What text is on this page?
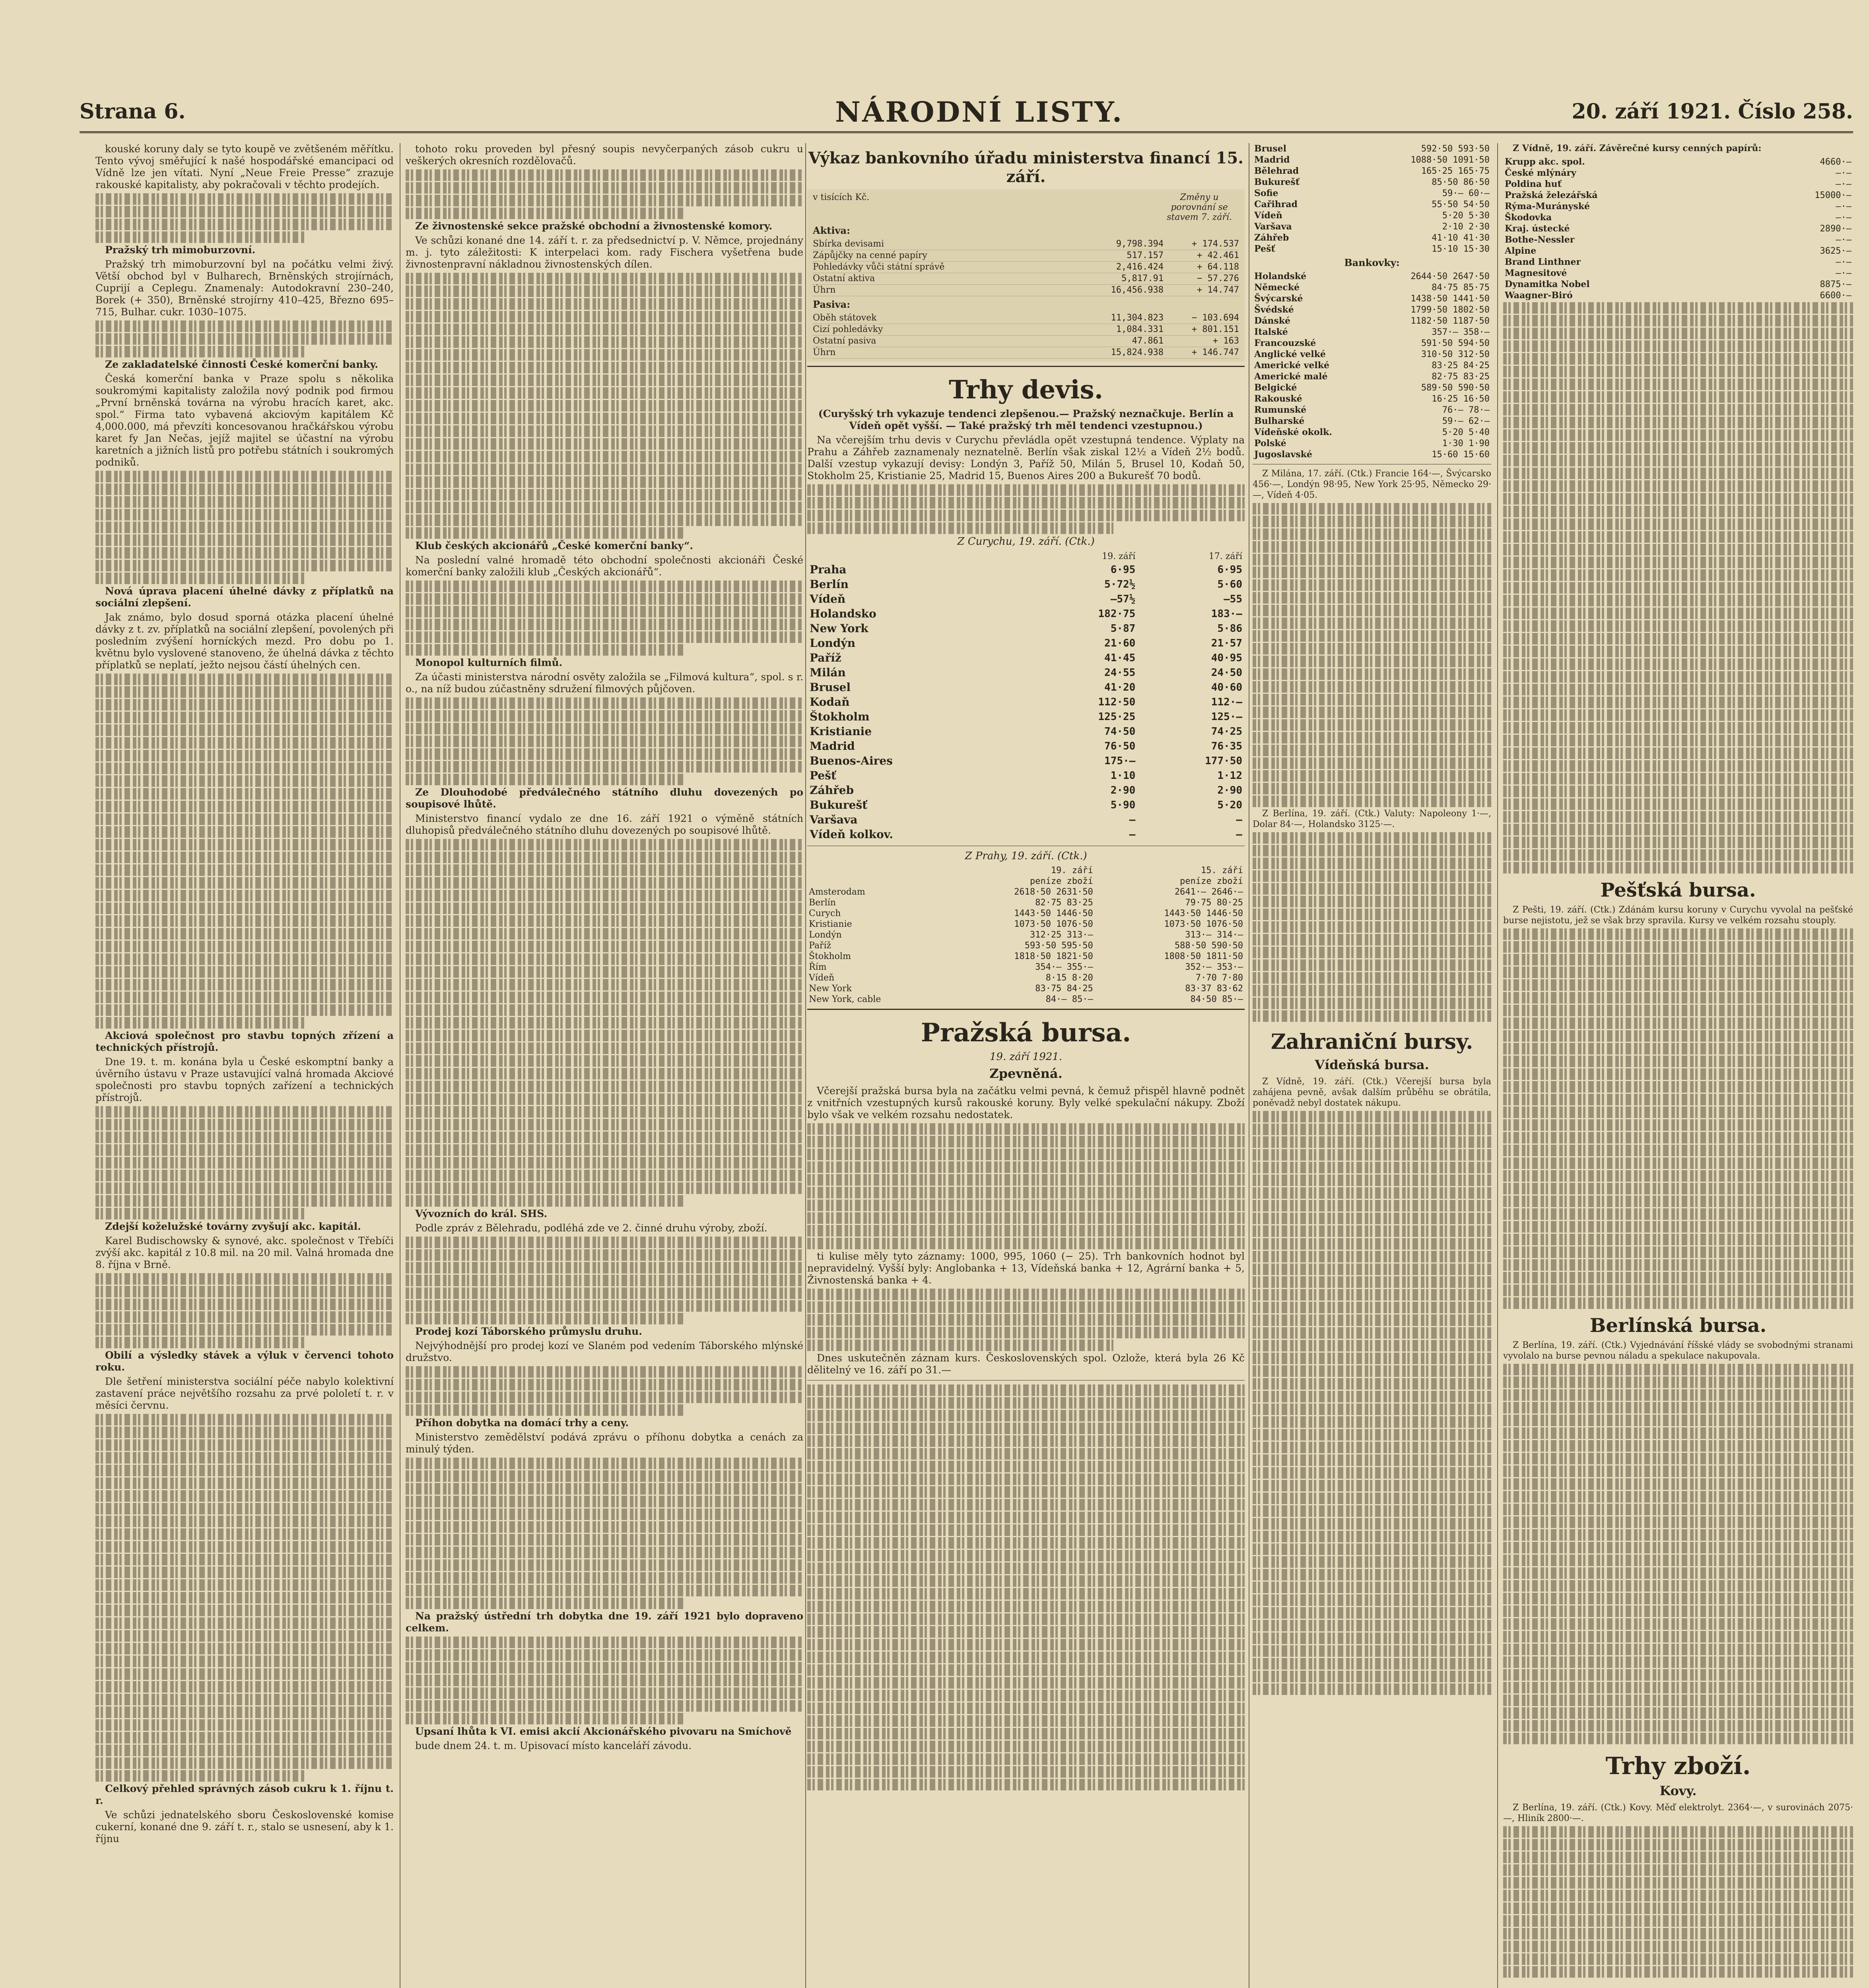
Strana 6.	NÁRODNÍ LISTY.	20. září 1921. Číslo 258.

kouské koruny daly se tyto koupě ve zvětšeném měřítku. Tento vývoj směřující k našé hospodářské emancipaci od Vídně lze jen vítati. Nyní „Neue Freie Presse“ zrazuje rakouské kapitalisty, aby pokračovali v těchto prodejích.

Pražský trh mimoburzovní.

Pražský trh mimoburzovní byl na počátku velmi živý. Větší obchod byl v Bulharech, Brněnských strojírnách, Cuprijí a Ceplegu. Znamenaly: Autodokravní 230–240, Borek (+ 350), Brněnské strojírny 410–425, Březno 695–715, Bulhar. cukr. 1030–1075.

Ze zakladatelské činnosti České komerční banky.

Česká komerční banka v Praze spolu s několika soukromými kapitalisty založila nový podnik pod firmou „První brněnská továrna na výrobu hracích karet, akc. spol.“ Firma tato vybavená akciovým kapitálem Kč 4,000.000, má převzíti koncesovanou hračkářskou výrobu karet fy Jan Nečas, jejíž majitel se účastní na výrobu karetních a jižních listů pro potřebu státních i soukromých podniků.

Nová úprava placení úhelné dávky z příplatků na sociální zlepšení.

Jak známo, bylo dosud sporná otázka placení úhelné dávky z t. zv. příplatků na sociální zlepšení, povolených při posledním zvýšení horníckých mezd. Pro dobu po 1. květnu bylo vyslovené stanovenо, že úhelná dávka z těchto příplatků se neplatí, ježto nejsou částí úhelných cen.

Akciová společnost pro stavbu topných zřízení a technických přístrojů.

Dne 19. t. m. konána byla u České eskomptní banky a úvěrního ústavu v Praze ustavující valná hromada Akciové společnosti pro stavbu topných zařízení a technických přístrojů.

Zdejší koželužské továrny zvyšují akc. kapitál.

Karel Budischowsky & synové, akc. společnost v Třebíči zvýší akc. kapitál z 10.8 mil. na 20 mil. Valná hromada dne 8. října v Brně.

Obilí a výsledky stávek a výluk v červenci tohoto roku.

Dle šetření ministerstva sociální péče nabylo kolektivní zastavení práce největšího rozsahu za prvé pololetí t. r. v měsíci červnu.

Celkový přehled správných zásob cukru k 1. říjnu t. r.

Ve schůzi jednatelského sboru Československé komise cukerní, konané dne 9. září t. r., stalo se usnesení, aby k 1. říjnu

tohoto roku proveden byl přesný soupis nevyčerpaných zásob cukru u veškerých okresních rozdělovačů.

Ze živnostenské sekce pražské obchodní a živnostenské komory.

Ve schůzi konané dne 14. září t. r. za předsednictví p. V. Němce, projednány m. j. tyto záležitosti: K interpelaci kom. rady Fischera vyšetřena bude živnostenpravní nákladnou živnostenských dílen.

Klub českých akcionářů „České komerční banky“.

Na poslední valné hromadě této obchodní společnosti akcionáři České komerční banky založili klub „Českých akcionářů“.

Monopol kulturních filmů.

Za účasti ministerstva národní osvěty založila se „Filmová kultura“, spol. s r. o., na níž budou zúčastněny sdružení filmových půjčoven.

Ze Dlouhodobé předválečného státního dluhu dovezených po soupisové lhůtě.

Ministerstvo financí vydalo ze dne 16. září 1921 o výměně státních dluhopisů předválečného státního dluhu dovezených po soupisové lhůtě.

Vývozních do král. SHS.

Podle zpráv z Bělehradu, podléhá zde ve 2. činné druhu výroby, zboží.

Prodej kozí Táborského průmyslu druhu.

Nejvýhodnější pro prodej kozí ve Slaném pod vedením Táborského mlýnské družstvo.

Příhon dobytka na domácí trhy a ceny.

Ministerstvo zemědělství podává zprávu o příhonu dobytka a cenách za minulý týden.

Na pražský ústřední trh dobytka dne 19. září 1921 bylo dopraveno celkem.

Upsaní lhůta k VI. emisi akcií Akcionářského pivovaru na Smíchově

bude dnem 24. t. m. Upisovací místo kanceláří závodu.

Výkaz bankovního úřadu ministerstva financí 15. září.
v tisících Kč.	Změny u porovnání se stavem 7. září.
Aktiva:
Sbírka devisami	9,798.394	+ 174.537
Zápůjčky na cenné papíry	517.157	+ 42.461
Pohledávky vůči státní správě	2,416.424	+ 64.118
Ostatní aktiva	5,817.91	− 57.276
Úhrn	16,456.938	+ 14.747
Pasiva:
Oběh státovek	11,304.823	− 103.694
Cizí pohledávky	1,084.331	+ 801.151
Ostatní pasiva	47.861	+ 163
Úhrn	15,824.938	+ 146.747
Trhy devis.

(Curyšský trh vykazuje tendenci zlepšenou.— Pražský neznačkuje. Berlín a Vídeň opět vyšší. — Také pražský trh měl tendenci vzestupnou.)

Na včerejším trhu devis v Curychu převládla opět vzestupná tendence. Výplaty na Prahu a Záhřeb zaznamenaly neznatelně. Berlín však ziskal 12½ a Vídeň 2½ bodů. Další vzestup vykazují devisy: Londýn 3, Paříž 50, Milán 5, Brusel 10, Kodaň 50, Stokholm 25, Kristianie 25, Madrid 15, Buenos Aires 200 a Bukurešť 70 bodů.

Z Curychu, 19. září. (Ctk.)
	19. září	17. září
Praha	6·95	6·95
Berlín	5·72½	5·60
Vídeň	—57½	—55
Holandsko	182·75	183·—
New York	5·87	5·86
Londýn	21·60	21·57
Paříž	41·45	40·95
Milán	24·55	24·50
Brusel	41·20	40·60
Kodaň	112·50	112·—
Štokholm	125·25	125·—
Kristianie	74·50	74·25
Madrid	76·50	76·35
Buenos-Aires	175·—	177·50
Pešť	1·10	1·12
Záhřeb	2·90	2·90
Bukurešť	5·90	5·20
Varšava	—	—
Vídeň kolkov.	—	—
Z Prahy, 19. září. (Ctk.)
	19. září	15. září
	peníze zboží	peníze zboží
Amsterodam	2618·50 2631·50	2641·— 2646·—
Berlín	82·75 83·25	79·75 80·25
Curych	1443·50 1446·50	1443·50 1446·50
Kristianie	1073·50 1076·50	1073·50 1076·50
Londýn	312·25 313·—	313·— 314·—
Paříž	593·50 595·50	588·50 590·50
Štokholm	1818·50 1821·50	1808·50 1811·50
Řím	354·— 355·—	352·— 353·—
Vídeň	8·15 8·20	7·70 7·80
New York	83·75 84·25	83·37 83·62
New York, cable	84·— 85·—	84·50 85·—
Pražská bursa.
19. září 1921.
Zpevněná.

Včerejší pražská bursa byla na začátku velmi pevná, k čemuž přispěl hlavně podnět z vnitřních vzestupných kursů rakouské koruny. Byly velké spekulační nákupy. Zboží bylo však ve velkém rozsahu nedostatek.

ti kulise měly tyto záznamy: 1000, 995, 1060 (− 25). Trh bankovních hodnot byl nepravidelný. Vyšší byly: Anglobanka + 13, Vídeňská banka + 12, Agrární banka + 5, Živnostenská banka + 4.

Dnes uskutečněn záznam kurs. Československých spol. Ozlože, která byla 26 Kč dělitelný ve 16. září po 31.—

Brusel	592·50 593·50
Madrid	1088·50 1091·50
Bělehrad	165·25 165·75
Bukurešť	85·50 86·50
Sofie	59·— 60·—
Cařihrad	55·50 54·50
Vídeň	5·20 5·30
Varšava	2·10 2·30
Záhřeb	41·10 41·30
Pešť	15·10 15·30
Bankovky:
Holandské	2644·50 2647·50
Německé	84·75 85·75
Švýcarské	1438·50 1441·50
Švédské	1799·50 1802·50
Dánské	1182·50 1187·50
Italské	357·— 358·—
Francouzské	591·50 594·50
Anglické velké	310·50 312·50
Americké velké	83·25 84·25
Americké malé	82·75 83·25
Belgické	589·50 590·50
Rakouské	16·25 16·50
Rumunské	76·— 78·—
Bulharské	59·— 62·—
Vídeňské okolk.	5·20 5·40
Polské	1·30 1·90
Jugoslavské	15·60 15·60

Z Milána, 17. září. (Ctk.) Francie 164·—, Švýcarsko 456·—, Londýn 98·95, New York 25·95, Německo 29·—, Vídeň 4·05.

Z Berlína, 19. září. (Ctk.) Valuty: Napoleony 1·—, Dolar 84·—, Holandsko 3125·—.

Zahraniční bursy.
Vídeňská bursa.

Z Vídně, 19. září. (Ctk.) Včerejší bursa byla zahájena pevně, avšak dalším průběhu se obrátila, poněvadž nebyl dostatek nákupu.

Z Vídně, 19. září. Závěrečné kursy cenných papírů:

Krupp akc. spol.	4660·—
České mlýnáry	—·—
Poldina huť	—·—
Pražská železářská	15000·—
Rýma-Murányské	—·—
Škodovka	—·—
Kraj. ústecké	2890·—
Bothe-Nessler	—·—
Alpine	3625·—
Brand Linthner	—·—
Magnesitové	—·—
Dynamitka Nobel	8875·—
Waagner-Biró	6600·—
Pešťská bursa.

Z Pešti, 19. září. (Ctk.) Zdánám kursu koruny v Curychu vyvolal na pešťské burse nejistotu, jež se však brzy spravila. Kursy ve velkém rozsahu stouply.

Berlínská bursa.

Z Berlína, 19. září. (Ctk.) Vyjednávání říšské vlády se svobodnými stranami vyvolalo na burse pevnou náladu a spekulace nakupovala.

Trhy zboží.
Kovy.

Z Berlína, 19. září. (Ctk.) Kovy. Měď elektrolyt. 2364·—, v surovinách 2075·—, Hliník 2800·—.
